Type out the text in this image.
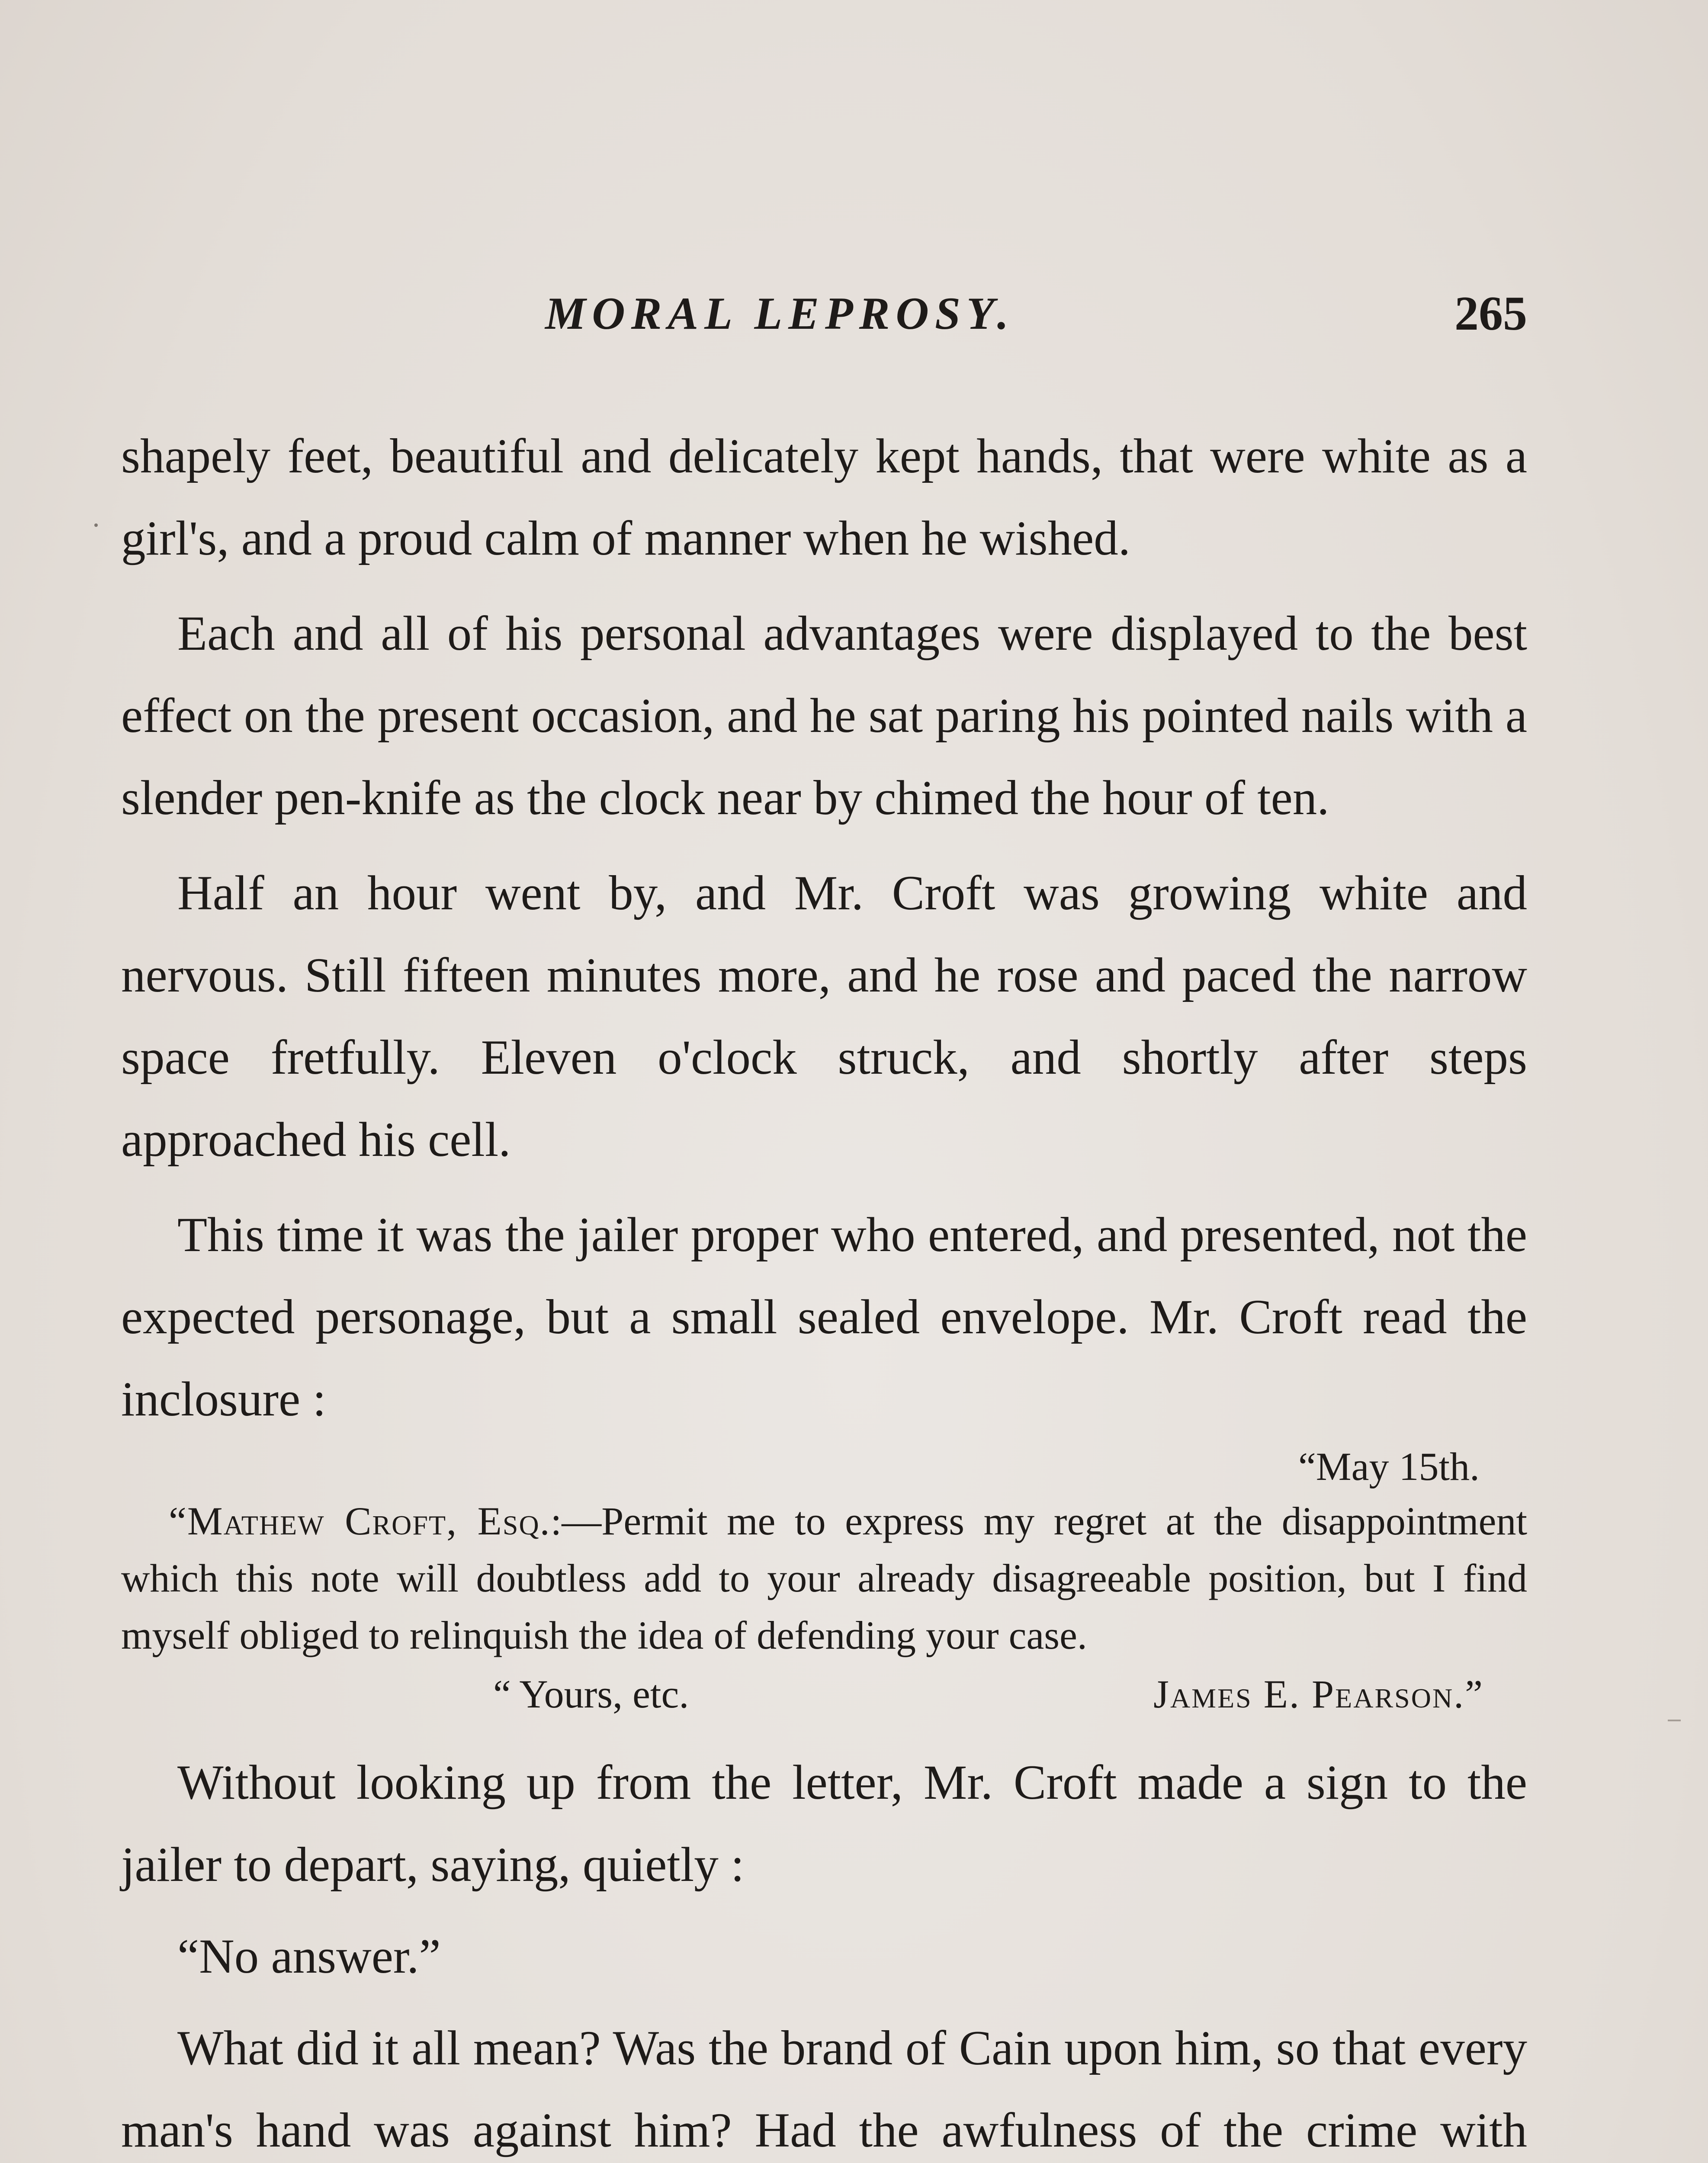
MORAL LEPROSY.	265

shapely feet, beautiful and delicately kept hands, that were white as a girl's, and a proud calm of manner when he wished.

Each and all of his personal advantages were displayed to the best effect on the present occasion, and he sat paring his pointed nails with a slender pen-knife as the clock near by chimed the hour of ten.

Half an hour went by, and Mr. Croft was growing white and nervous. Still fifteen minutes more, and he rose and paced the narrow space fretfully. Eleven o'clock struck, and shortly after steps approached his cell.

This time it was the jailer proper who entered, and presented, not the expected personage, but a small sealed envelope. Mr. Croft read the inclosure :

“May 15th.

“Mathew Croft, Esq.:—Permit me to express my regret at the disappointment which this note will doubtless add to your already disagreeable position, but I find myself obliged to relinquish the idea of defending your case.

“ Yours, etc.	James E. Pearson.”

Without looking up from the letter, Mr. Croft made a sign to the jailer to depart, saying, quietly :

“No answer.”

What did it all mean? Was the brand of Cain upon him, so that every man's hand was against him? Had the awfulness of the crime with
